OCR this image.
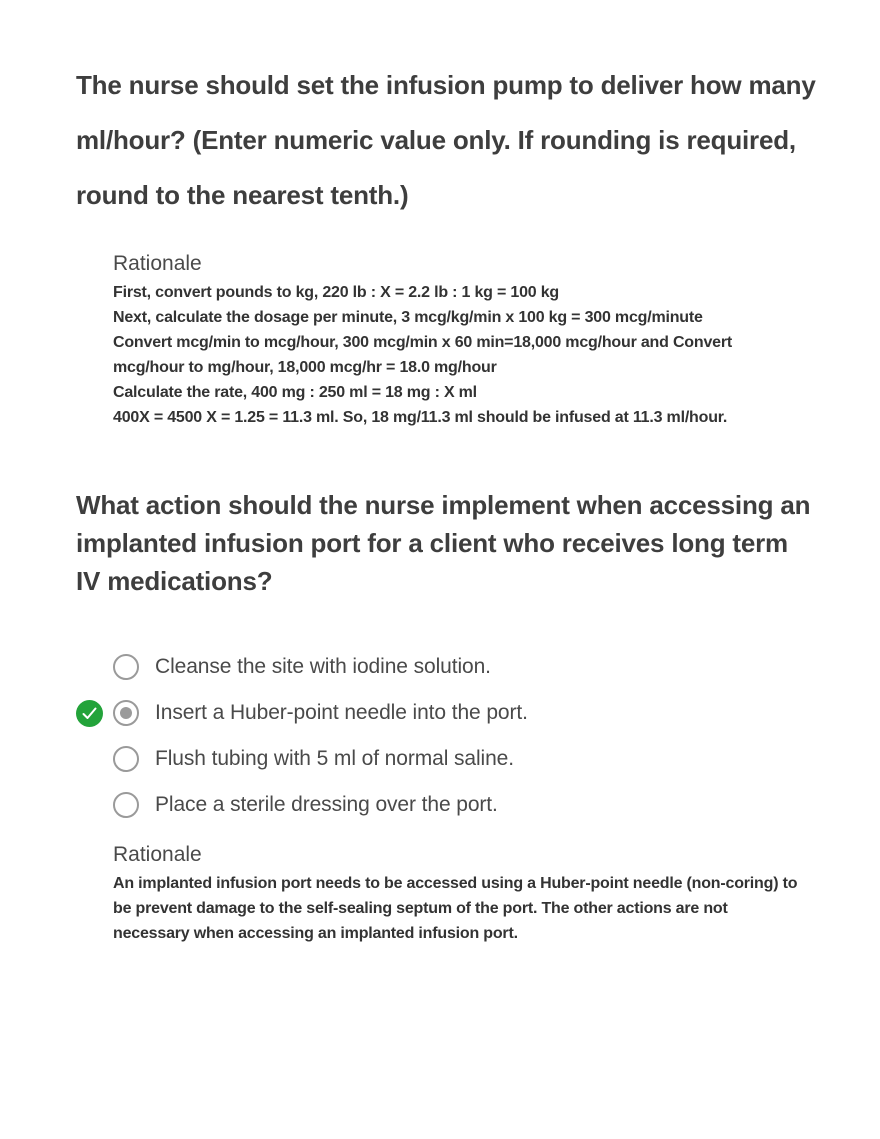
The nurse should set the infusion pump to deliver how many ml/hour? (Enter numeric value only. If rounding is required, round to the nearest tenth.)
Rationale
First, convert pounds to kg, 220 lb : X = 2.2 lb : 1 kg = 100 kg
Next, calculate the dosage per minute, 3 mcg/kg/min x 100 kg = 300 mcg/minute
Convert mcg/min to mcg/hour, 300 mcg/min x 60 min=18,000 mcg/hour and Convert
mcg/hour to mg/hour, 18,000 mcg/hr = 18.0 mg/hour
Calculate the rate, 400 mg : 250 ml = 18 mg : X ml
400X = 4500 X = 1.25 = 11.3 ml. So, 18 mg/11.3 ml should be infused at 11.3 ml/hour.
What action should the nurse implement when accessing an implanted infusion port for a client who receives long term IV medications?
Cleanse the site with iodine solution.
Insert a Huber-point needle into the port.
Flush tubing with 5 ml of normal saline.
Place a sterile dressing over the port.
Rationale
An implanted infusion port needs to be accessed using a Huber-point needle (non-coring) to be prevent damage to the self-sealing septum of the port. The other actions are not necessary when accessing an implanted infusion port.
